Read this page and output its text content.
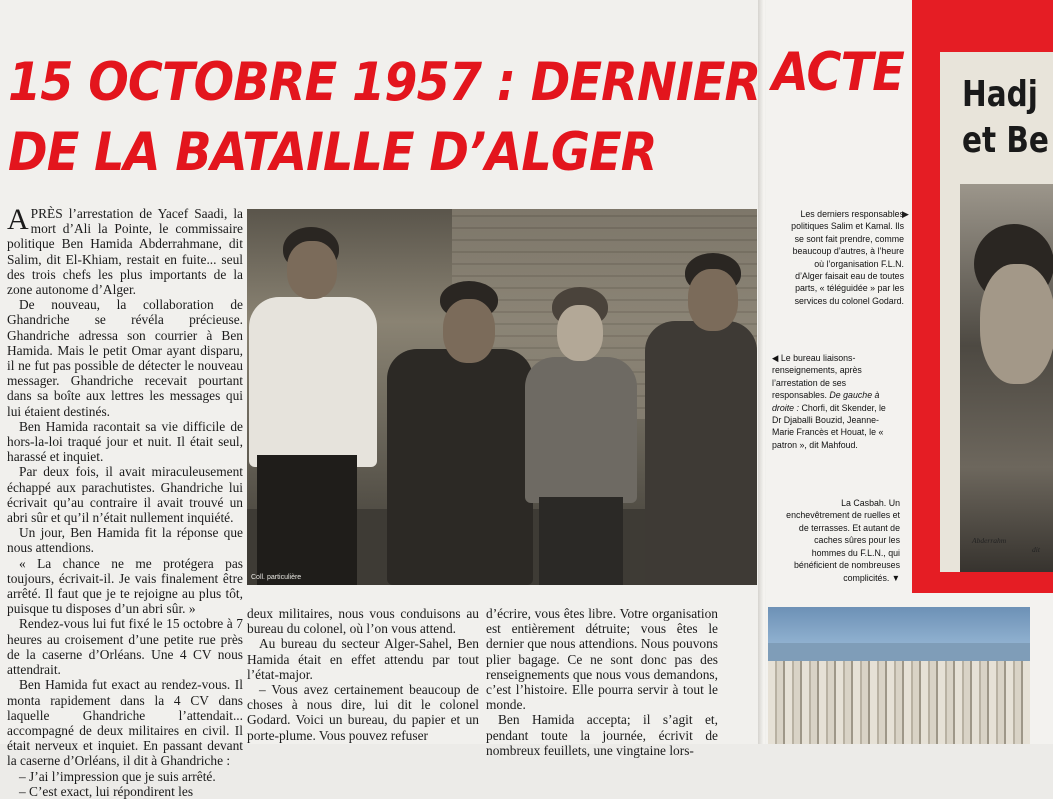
15 OCTOBRE 1957 : DERNIER ACTE
DE LA BATAILLE D’ALGER

APRÈS l’arrestation de Yacef Saadi, la mort d’Ali la Pointe, le commissaire politique Ben Hamida Abderrahmane, dit Salim, dit El-Khiam, restait en fuite... seul des trois chefs les plus importants de la zone autonome d’Alger.

De nouveau, la collaboration de Ghandriche se révéla précieuse. Ghandriche adressa son courrier à Ben Hamida. Mais le petit Omar ayant disparu, il ne fut pas possible de détecter le nouveau messager. Ghandriche recevait pourtant dans sa boîte aux lettres les messages qui lui étaient destinés.

Ben Hamida racontait sa vie difficile de hors-la-loi traqué jour et nuit. Il était seul, harassé et inquiet.

Par deux fois, il avait miraculeusement échappé aux parachutistes. Ghandriche lui écrivait qu’au contraire il avait trouvé un abri sûr et qu’il n’était nullement inquiété.

Un jour, Ben Hamida fit la réponse que nous attendions.

« La chance ne me protégera pas toujours, écrivait-il. Je vais finalement être arrêté. Il faut que je te rejoigne au plus tôt, puisque tu disposes d’un abri sûr. »

Rendez-vous lui fut fixé le 15 octobre à 7 heures au croisement d’une petite rue près de la caserne d’Orléans. Une 4 CV nous attendrait.

Ben Hamida fut exact au rendez-vous. Il monta rapidement dans la 4 CV dans laquelle Ghandriche l’attendait... accompagné de deux militaires en civil. Il était nerveux et inquiet. En passant devant la caserne d’Orléans, il dit à Ghandriche :

– J’ai l’impression que je suis arrêté.

– C’est exact, lui répondirent les

Coll. particulière

deux militaires, nous vous conduisons au bureau du colonel, où l’on vous attend.

Au bureau du secteur Alger-Sahel, Ben Hamida était en effet attendu par tout l’état-major.

– Vous avez certainement beaucoup de choses à nous dire, lui dit le colonel Godard. Voici un bureau, du papier et un porte-plume. Vous pouvez refuser

d’écrire, vous êtes libre. Votre organisation est entièrement détruite; vous êtes le dernier que nous attendions. Nous pouvons plier bagage. Ce ne sont donc pas des renseignements que nous vous demandons, c’est l’histoire. Elle pourra servir à tout le monde.

Ben Hamida accepta; il s’agit et, pendant toute la journée, écrivit de nombreux feuillets, une vingtaine lors-

Les derniers responsables politiques Salim et Kamal. Ils se sont fait prendre, comme beaucoup d’autres, à l’heure où l’organisation F.L.N. d’Alger faisait eau de toutes parts, « téléguidée » par les services du colonel Godard.
▶
◀ Le bureau liaisons-renseignements, après l’arrestation de ses responsables. De gauche à droite : Chorfi, dit Skender, le Dr Djaballi Bouzid, Jeanne-Marie Francès et Houat, le « patron », dit Mahfoud.
La Casbah. Un enchevêtrement de ruelles et de terrasses. Et autant de caches sûres pour les hommes du F.L.N., qui bénéficient de nombreuses complicités. ▼
Hadj
et Be

Abderrahm
dit
